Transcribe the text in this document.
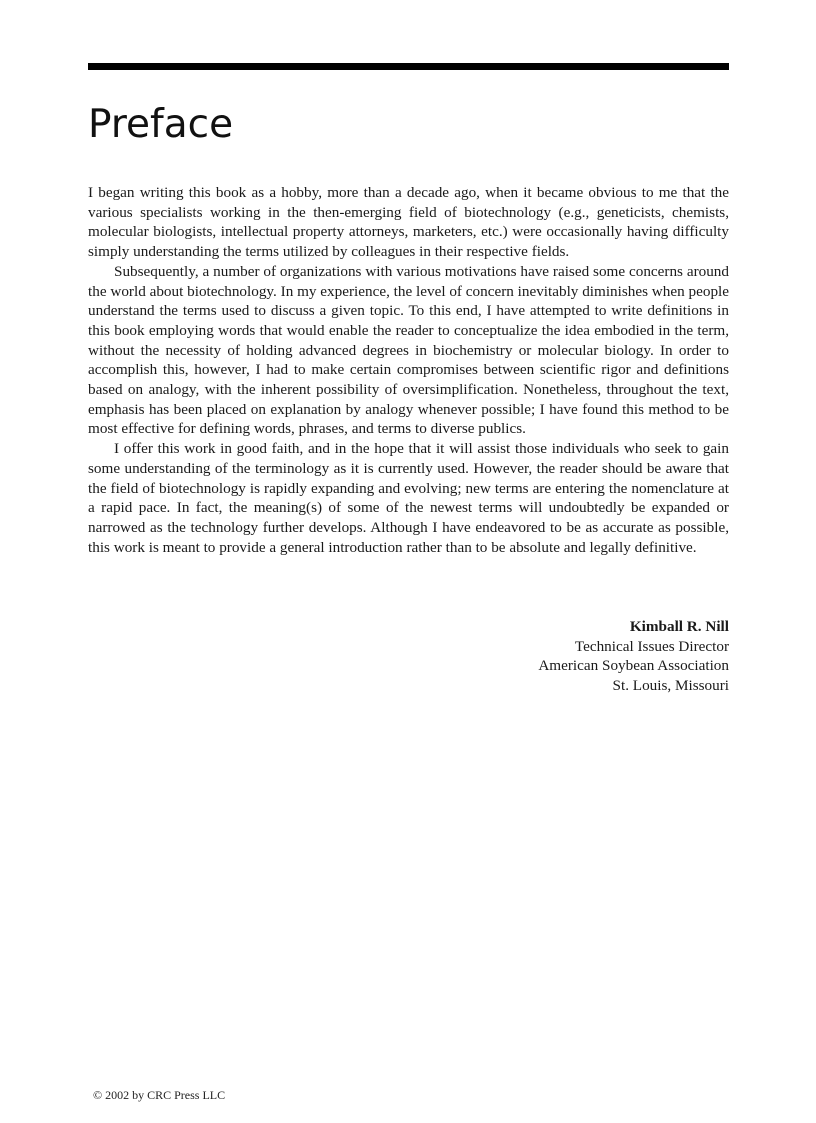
Preface

I began writing this book as a hobby, more than a decade ago, when it became obvious to me that the various specialists working in the then-emerging field of biotechnology (e.g., geneticists, chemists, molecular biologists, intellectual property attorneys, marketers, etc.) were occasionally having difficulty simply understanding the terms utilized by colleagues in their respective fields.

Subsequently, a number of organizations with various motivations have raised some concerns around the world about biotechnology. In my experience, the level of concern inevitably diminishes when people understand the terms used to discuss a given topic. To this end, I have attempted to write definitions in this book employing words that would enable the reader to conceptualize the idea embodied in the term, without the necessity of holding advanced degrees in biochemistry or molecular biology. In order to accomplish this, however, I had to make certain compromises between scientific rigor and definitions based on analogy, with the inherent possibility of oversimplification. Nonetheless, throughout the text, emphasis has been placed on explanation by analogy whenever possible; I have found this method to be most effective for defining words, phrases, and terms to diverse publics.

I offer this work in good faith, and in the hope that it will assist those individuals who seek to gain some understanding of the terminology as it is currently used. However, the reader should be aware that the field of biotechnology is rapidly expanding and evolving; new terms are entering the nomenclature at a rapid pace. In fact, the meaning(s) of some of the newest terms will undoubtedly be expanded or narrowed as the technology further develops. Although I have endeavored to be as accurate as possible, this work is meant to provide a general introduction rather than to be absolute and legally definitive.

Kimball R. Nill
Technical Issues Director
American Soybean Association
St. Louis, Missouri
© 2002 by CRC Press LLC
